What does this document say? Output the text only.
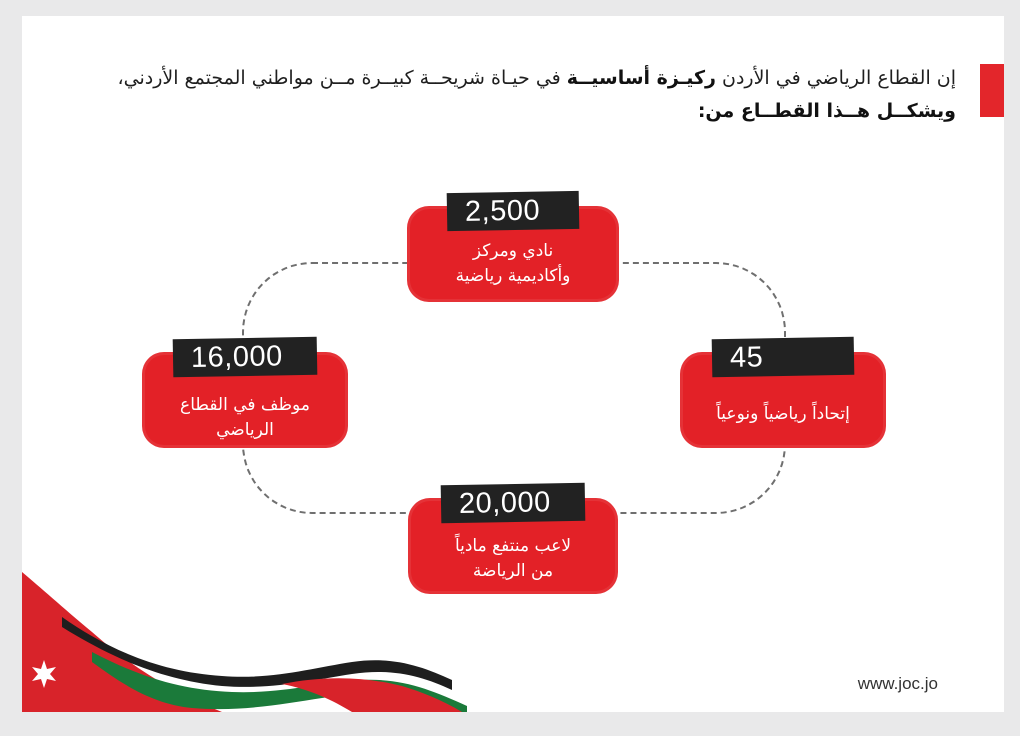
إن القطاع الرياضي في الأردن ركيـزة أساسيــة في حيـاة شريحــة كبيــرة مــن مواطني المجتمع الأردني،
ويشكــل هــذا القطــاع من:
2,500
نادي ومركز
وأكاديمية رياضية
16,000
موظف في القطاع
الرياضي
45
إتحاداً رياضياً ونوعياً
20,000
لاعب منتفع مادياً
من الرياضة
www.joc.jo
